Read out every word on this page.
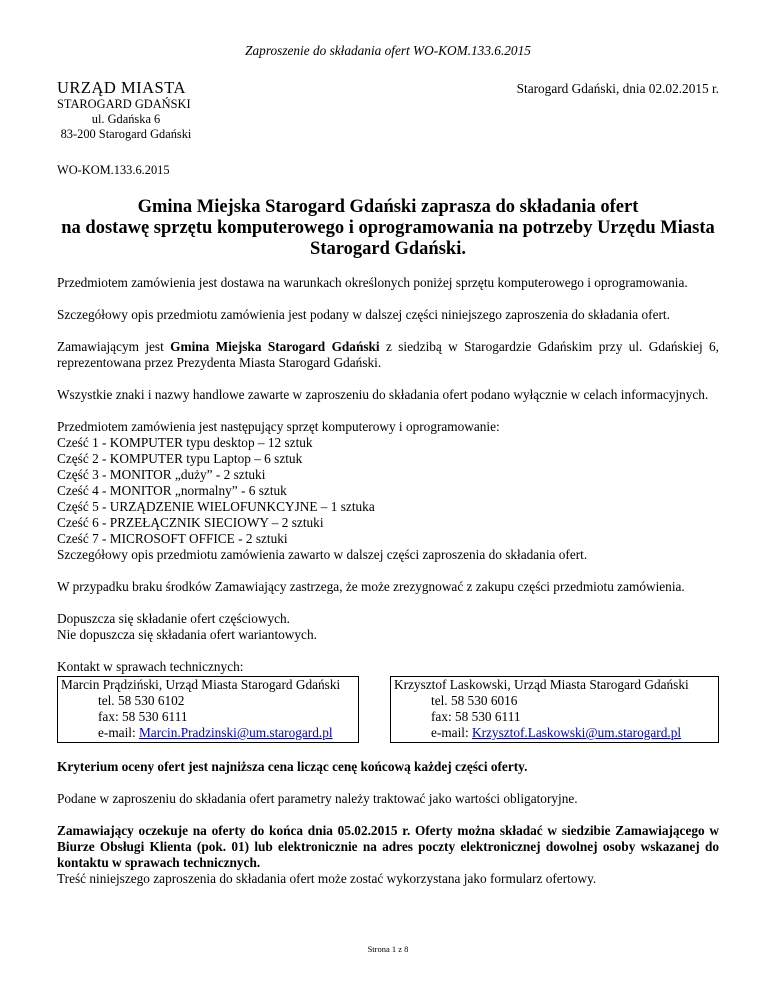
Zaproszenie do składania ofert WO-KOM.133.6.2015
URZĄD MIASTA
STAROGARD GDAŃSKI
ul. Gdańska 6
83-200 Starogard Gdański
Starogard Gdański, dnia 02.02.2015 r.
WO-KOM.133.6.2015
Gmina Miejska Starogard Gdański zaprasza do składania ofert
na dostawę sprzętu komputerowego i oprogramowania na potrzeby Urzędu Miasta
Starogard Gdański.

Przedmiotem zamówienia jest dostawa na warunkach określonych poniżej sprzętu komputerowego i oprogramowania.

Szczegółowy opis przedmiotu zamówienia jest podany w dalszej części niniejszego zaproszenia do składania ofert.

Zamawiającym jest Gmina Miejska Starogard Gdański z siedzibą w Starogardzie Gdańskim przy ul. Gdańskiej 6, reprezentowana przez Prezydenta Miasta Starogard Gdański.

Wszystkie znaki i nazwy handlowe zawarte w zaproszeniu do składania ofert podano wyłącznie w celach informacyjnych.

Przedmiotem zamówienia jest następujący sprzęt komputerowy i oprogramowanie:
Cześć 1 - KOMPUTER typu desktop – 12 sztuk
Część 2 - KOMPUTER typu Laptop – 6 sztuk
Część 3 - MONITOR „duży” - 2 sztuki
Cześć 4 - MONITOR „normalny” - 6 sztuk
Część 5 - URZĄDZENIE WIELOFUNKCYJNE – 1 sztuka
Cześć 6 - PRZEŁĄCZNIK SIECIOWY – 2 sztuki
Cześć 7 - MICROSOFT OFFICE - 2 sztuki
Szczegółowy opis przedmiotu zamówienia zawarto w dalszej części zaproszenia do składania ofert.

W przypadku braku środków Zamawiający zastrzega, że może zrezygnować z zakupu części przedmiotu zamówienia.

Dopuszcza się składanie ofert częściowych.
Nie dopuszcza się składania ofert wariantowych.
Kontakt w sprawach technicznych:
Marcin Prądziński, Urząd Miasta Starogard Gdański
tel. 58 530 6102
fax: 58 530 6111
e-mail: Marcin.Pradzinski@um.starogard.pl
Krzysztof Laskowski, Urząd Miasta Starogard Gdański
tel. 58 530 6016
fax: 58 530 6111
e-mail: Krzysztof.Laskowski@um.starogard.pl

Kryterium oceny ofert jest najniższa cena licząc cenę końcową każdej części oferty.

Podane w zaproszeniu do składania ofert parametry należy traktować jako wartości obligatoryjne.

Zamawiający oczekuje na oferty do końca dnia 05.02.2015 r. Oferty można składać w siedzibie Zamawiającego w Biurze Obsługi Klienta (pok. 01) lub elektronicznie na adres poczty elektronicznej dowolnej osoby wskazanej do kontaktu w sprawach technicznych.
Treść niniejszego zaproszenia do składania ofert może zostać wykorzystana jako formularz ofertowy.
Strona 1 z 8
